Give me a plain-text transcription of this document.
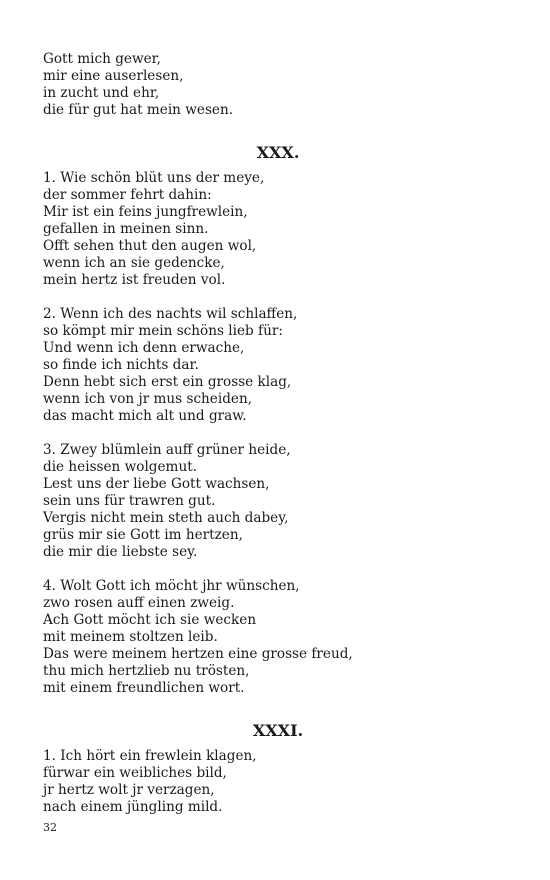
Gott mich gewer,
mir eine auserlesen,
in zucht und ehr,
die für gut hat mein wesen.
XXX.
1. Wie schön blüt uns der meye,
der sommer fehrt dahin:
Mir ist ein feins jungfrewlein,
gefallen in meinen sinn.
Offt sehen thut den augen wol,
wenn ich an sie gedencke,
mein hertz ist freuden vol.
2. Wenn ich des nachts wil schlaffen,
so kömpt mir mein schöns lieb für:
Und wenn ich denn erwache,
so finde ich nichts dar.
Denn hebt sich erst ein grosse klag,
wenn ich von jr mus scheiden,
das macht mich alt und graw.
3. Zwey blümlein auff grüner heide,
die heissen wolgemut.
Lest uns der liebe Gott wachsen,
sein uns für trawren gut.
Vergis nicht mein steth auch dabey,
grüs mir sie Gott im hertzen,
die mir die liebste sey.
4. Wolt Gott ich möcht jhr wünschen,
zwo rosen auff einen zweig.
Ach Gott möcht ich sie wecken
mit meinem stoltzen leib.
Das were meinem hertzen eine grosse freud,
thu mich hertzlieb nu trösten,
mit einem freundlichen wort.
XXXI.
1. Ich hört ein frewlein klagen,
fürwar ein weibliches bild,
jr hertz wolt jr verzagen,
nach einem jüngling mild.
32
